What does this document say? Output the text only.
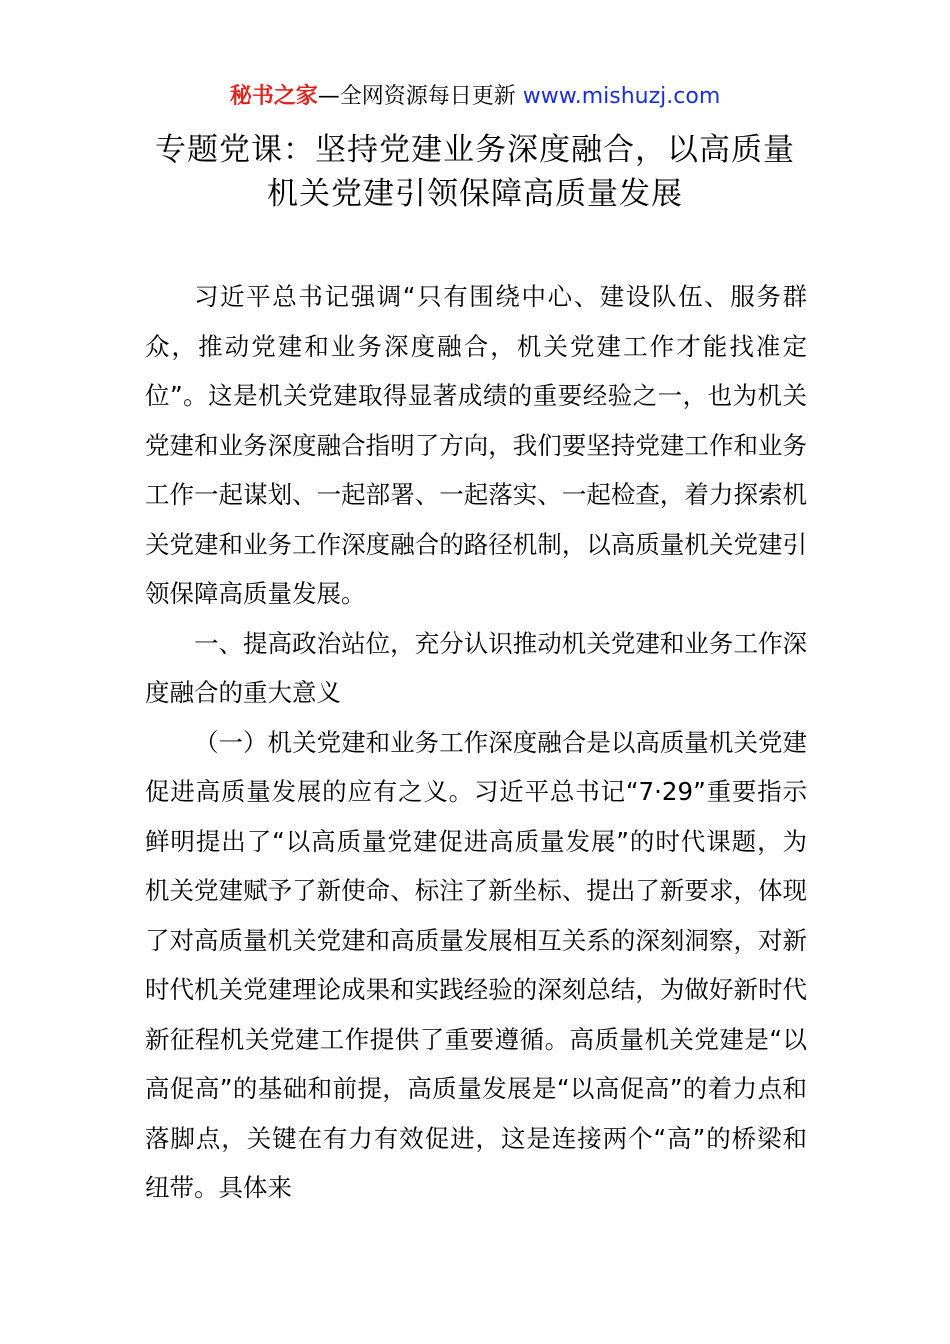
秘书之家—全网资源每日更新 www.mishuzj.com
专题党课：坚持党建业务深度融合，以高质量
机关党建引领保障高质量发展

习近平总书记强调“只有围绕中心、建设队伍、服务群众，推动党建和业务深度融合，机关党建工作才能找准定位”。这是机关党建取得显著成绩的重要经验之一，也为机关党建和业务深度融合指明了方向，我们要坚持党建工作和业务工作一起谋划、一起部署、一起落实、一起检查，着力探索机关党建和业务工作深度融合的路径机制，以高质量机关党建引领保障高质量发展。

一、提高政治站位，充分认识推动机关党建和业务工作深度融合的重大意义

（一）机关党建和业务工作深度融合是以高质量机关党建促进高质量发展的应有之义。习近平总书记“7·29”重要指示鲜明提出了“以高质量党建促进高质量发展”的时代课题，为机关党建赋予了新使命、标注了新坐标、提出了新要求，体现了对高质量机关党建和高质量发展相互关系的深刻洞察，对新时代机关党建理论成果和实践经验的深刻总结，为做好新时代新征程机关党建工作提供了重要遵循。高质量机关党建是“以高促高”的基础和前提，高质量发展是“以高促高”的着力点和落脚点，关键在有力有效促进，这是连接两个“高”的桥梁和纽带。具体来
